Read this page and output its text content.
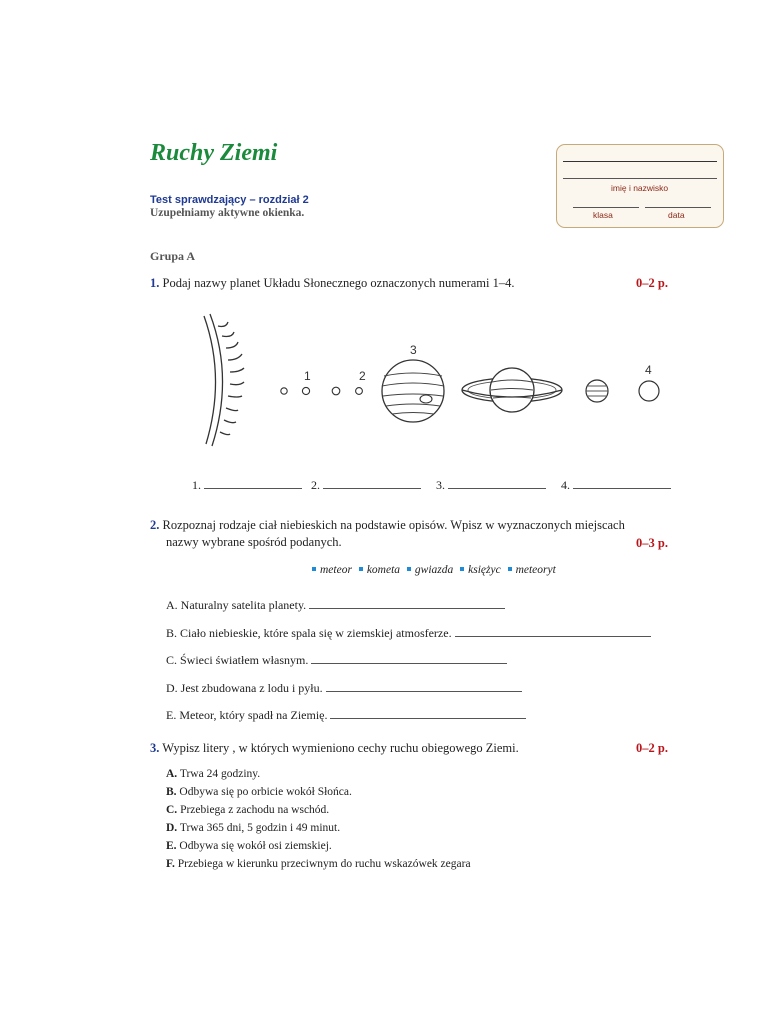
Ruchy Ziemi
Test sprawdzający – rozdział 2
Uzupełniamy aktywne okienka.
Grupa A
imię i nazwisko
klasa	data
1. Podaj nazwy planet Układu Słonecznego oznaczonych numerami 1–4.	0–2 p.
1	2
3
4
1.	2.	3.	4.
2. Rozpoznaj rodzaje ciał niebieskich na podstawie opisów. Wpisz w wyznaczonych miejscach
nazwy wybrane spośród podanych.	0–3 p.
meteor kometa gwiazda księżyc meteoryt
A. Naturalny satelita planety.
B. Ciało niebieskie, które spala się w ziemskiej atmosferze.
C. Świeci światłem własnym.
D. Jest zbudowana z lodu i pyłu.
E. Meteor, który spadł na Ziemię.
3. Wypisz litery , w których wymieniono cechy ruchu obiegowego Ziemi.	0–2 p.
A. Trwa 24 godziny.
B. Odbywa się po orbicie wokół Słońca.
C. Przebiega z zachodu na wschód.
D. Trwa 365 dni, 5 godzin i 49 minut.
E. Odbywa się wokół osi ziemskiej.
F. Przebiega w kierunku przeciwnym do ruchu wskazówek zegara
